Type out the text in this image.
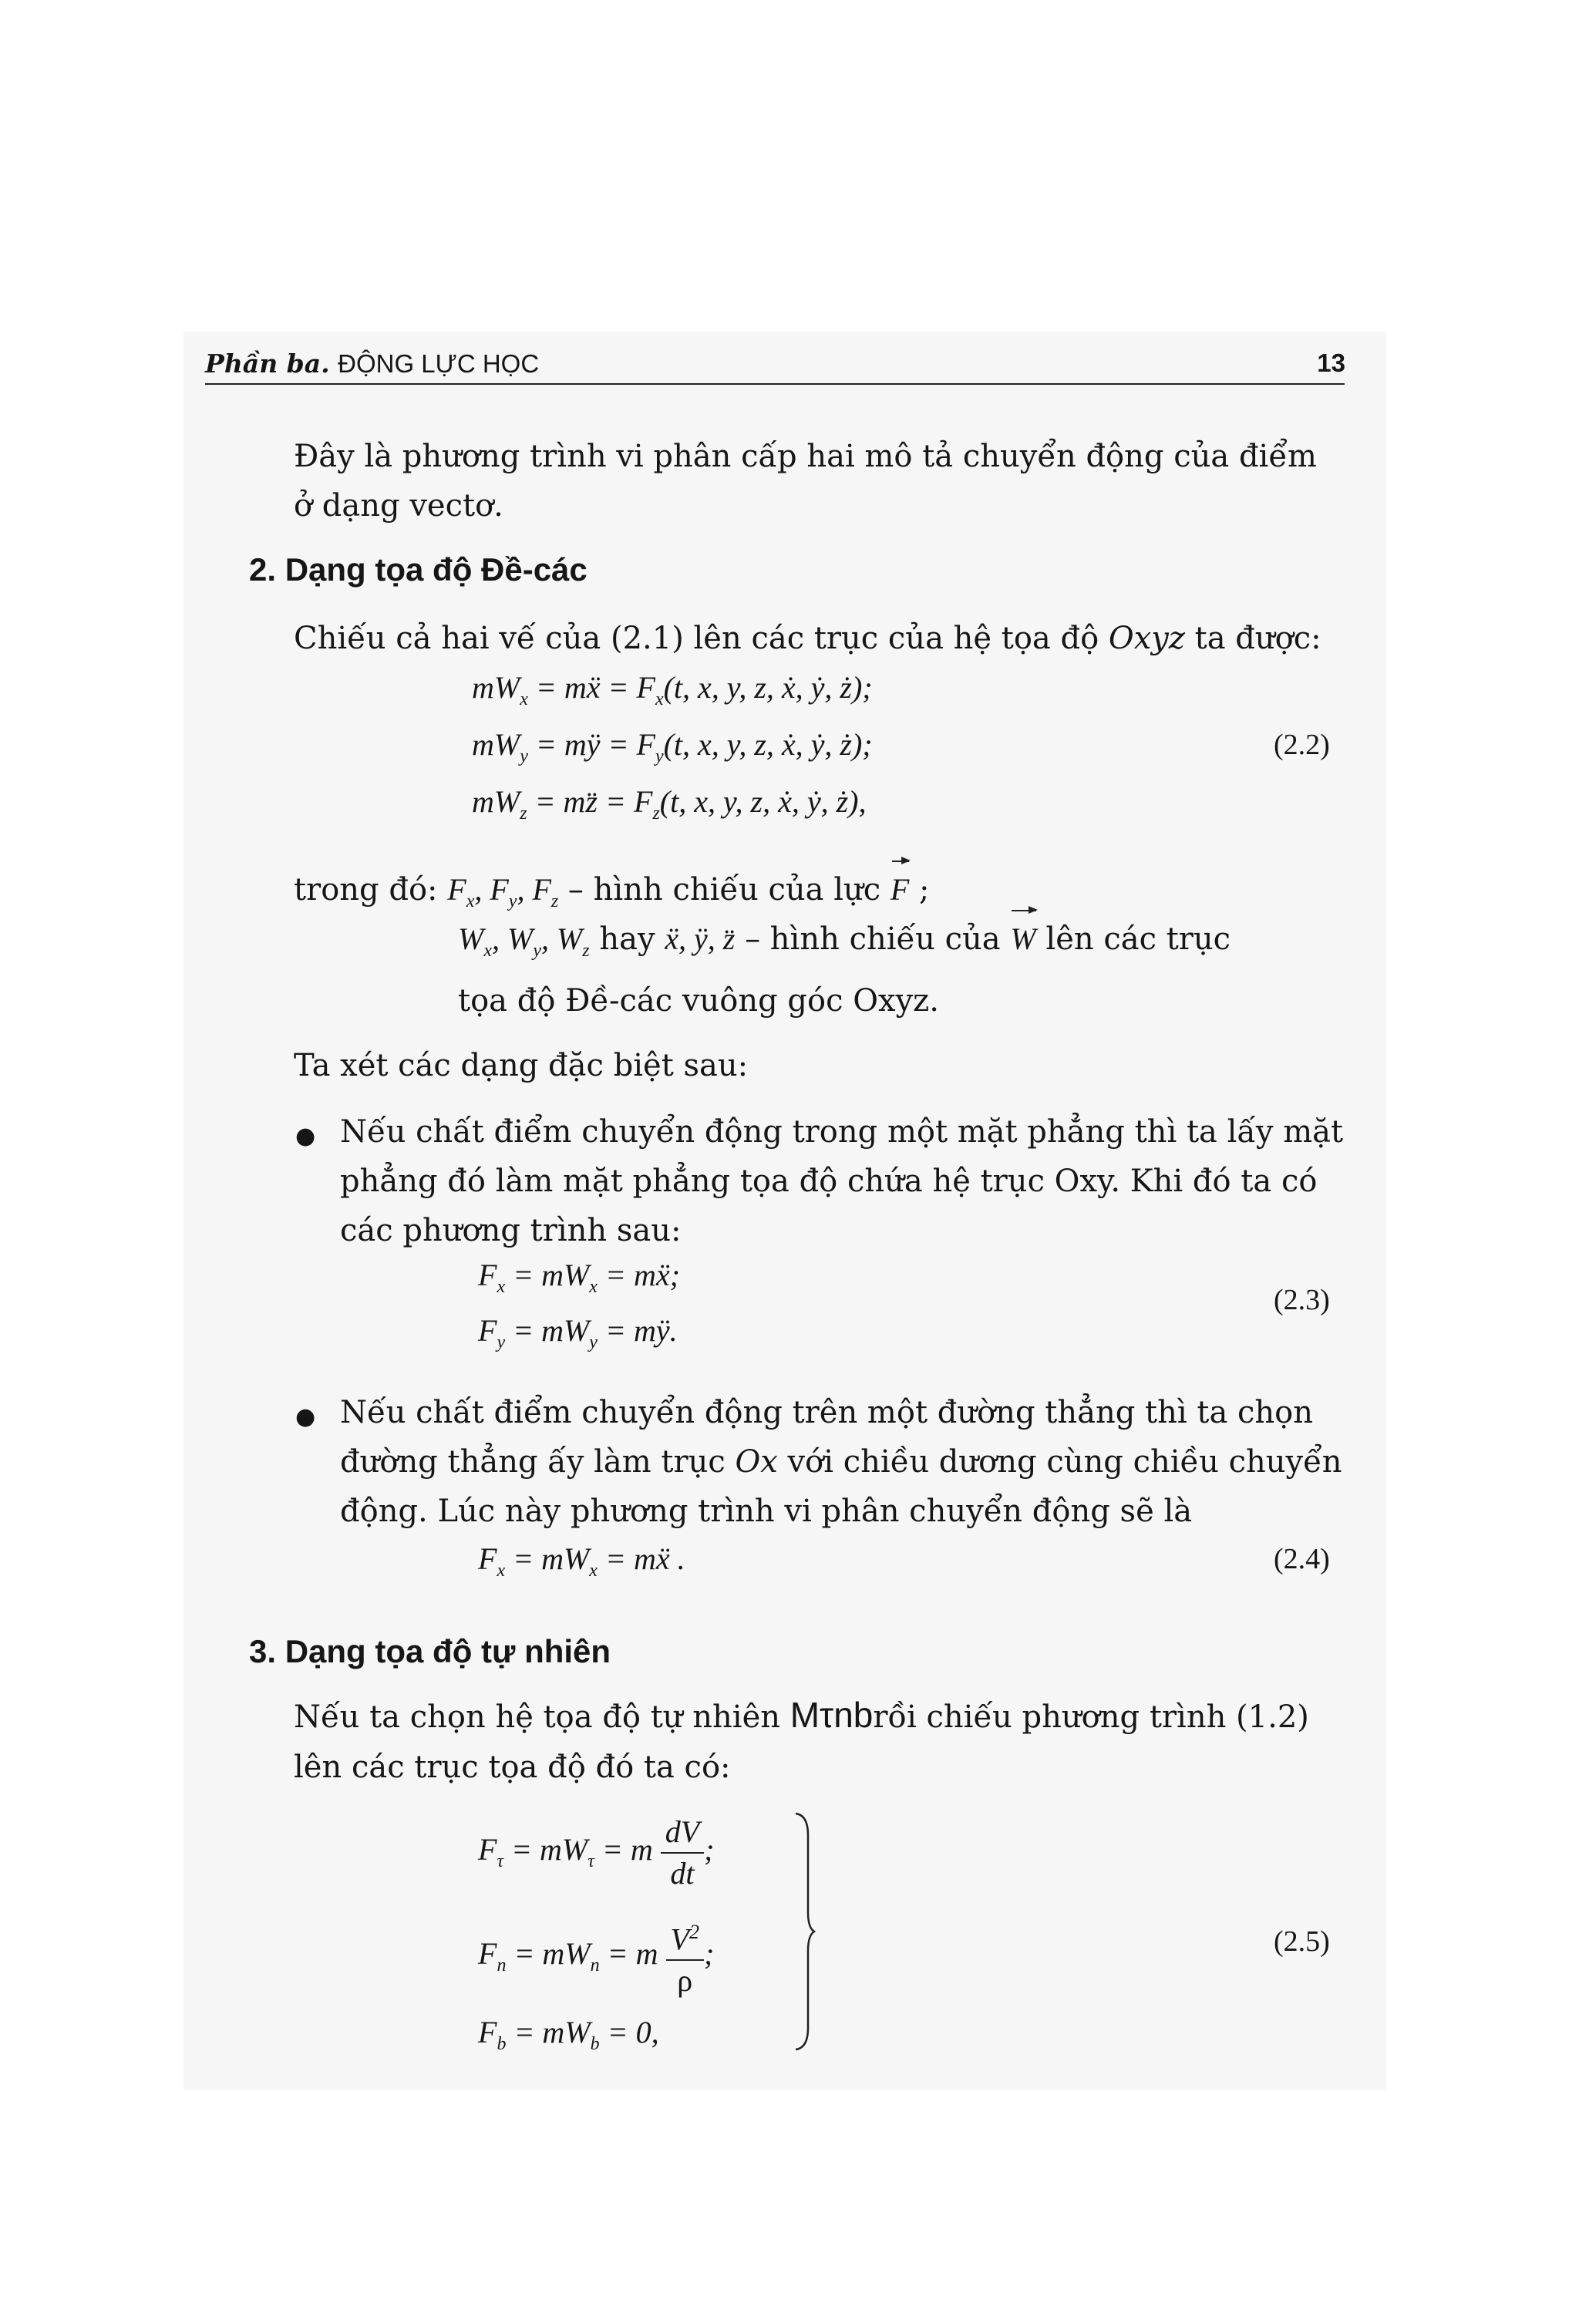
Phần ba. ĐỘNG LỰC HỌC	13
Đây là phương trình vi phân cấp hai mô tả chuyển động của điểm
ở dạng vectơ.
2. Dạng tọa độ Đề-các
Chiếu cả hai vế của (2.1) lên các trục của hệ tọa độ Oxyz ta được:
$mW_x$ = mẍ = $F_x(t$, x, y, z, ẋ, ẏ, ż);
$mW_y$ = mÿ = $F_y(t$, x, y, z, ẋ, ẏ, ż);
$mW_z$ = mz̈ = $F_z(t$, x, y, z, ẋ, ẏ, ż),
(2.2)
trong đó: $F_x$, $F_y$, $F_z$ – hình chiếu của lực F ;
$W_x$, $W_y$, $W_z$ hay ẍ, ÿ, z̈ – hình chiếu của W lên các trục
tọa độ Đề-các vuông góc Oxyz.
Ta xét các dạng đặc biệt sau:
● Nếu chất điểm chuyển động trong một mặt phẳng thì ta lấy mặt
phẳng đó làm mặt phẳng tọa độ chứa hệ trục Oxy. Khi đó ta có
các phương trình sau:
$F_x = mW_x$ = mẍ;
$F_y = mW_y$ = mÿ.
(2.3)
● Nếu chất điểm chuyển động trên một đường thẳng thì ta chọn
đường thẳng ấy làm trục Ox với chiều dương cùng chiều chuyển
động. Lúc này phương trình vi phân chuyển động sẽ là
$F_x = mW_x$ = mẍ .	(2.4)
3. Dạng tọa độ tự nhiên
Nếu ta chọn hệ tọa độ tự nhiên Mτnbrồi chiếu phương trình (1.2)
lên các trục tọa độ đó ta có:
$F_\tau = mW_\tau = m \frac{dV}{dt}$ ;
$F_n = mW_n = m \frac{V^2}{\rho}$ ;
$F_b = mW_b = 0$,
(2.5)
